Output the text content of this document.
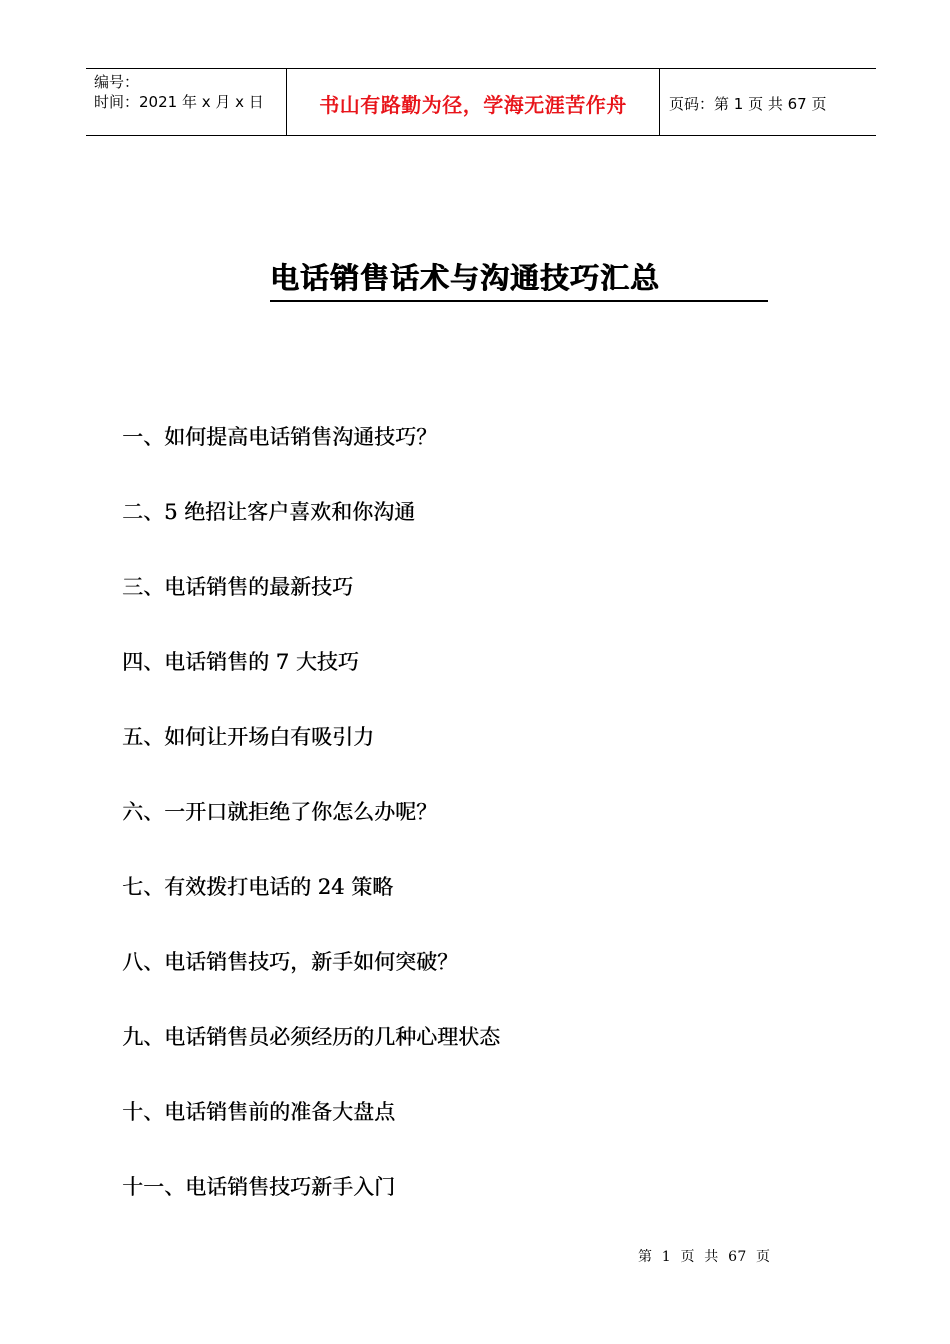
编号：
时间：2021 年 x 月 x 日	书山有路勤为径，学海无涯苦作舟	页码：第 1 页 共 67 页
电话销售话术与沟通技巧汇总
一、如何提高电话销售沟通技巧？
二、5 绝招让客户喜欢和你沟通
三、电话销售的最新技巧
四、电话销售的 7 大技巧
五、如何让开场白有吸引力
六、一开口就拒绝了你怎么办呢？
七、有效拨打电话的 24 策略
八、电话销售技巧，新手如何突破？
九、电话销售员必须经历的几种心理状态
十、电话销售前的准备大盘点
十一、电话销售技巧新手入门
第  1  页  共  67  页
